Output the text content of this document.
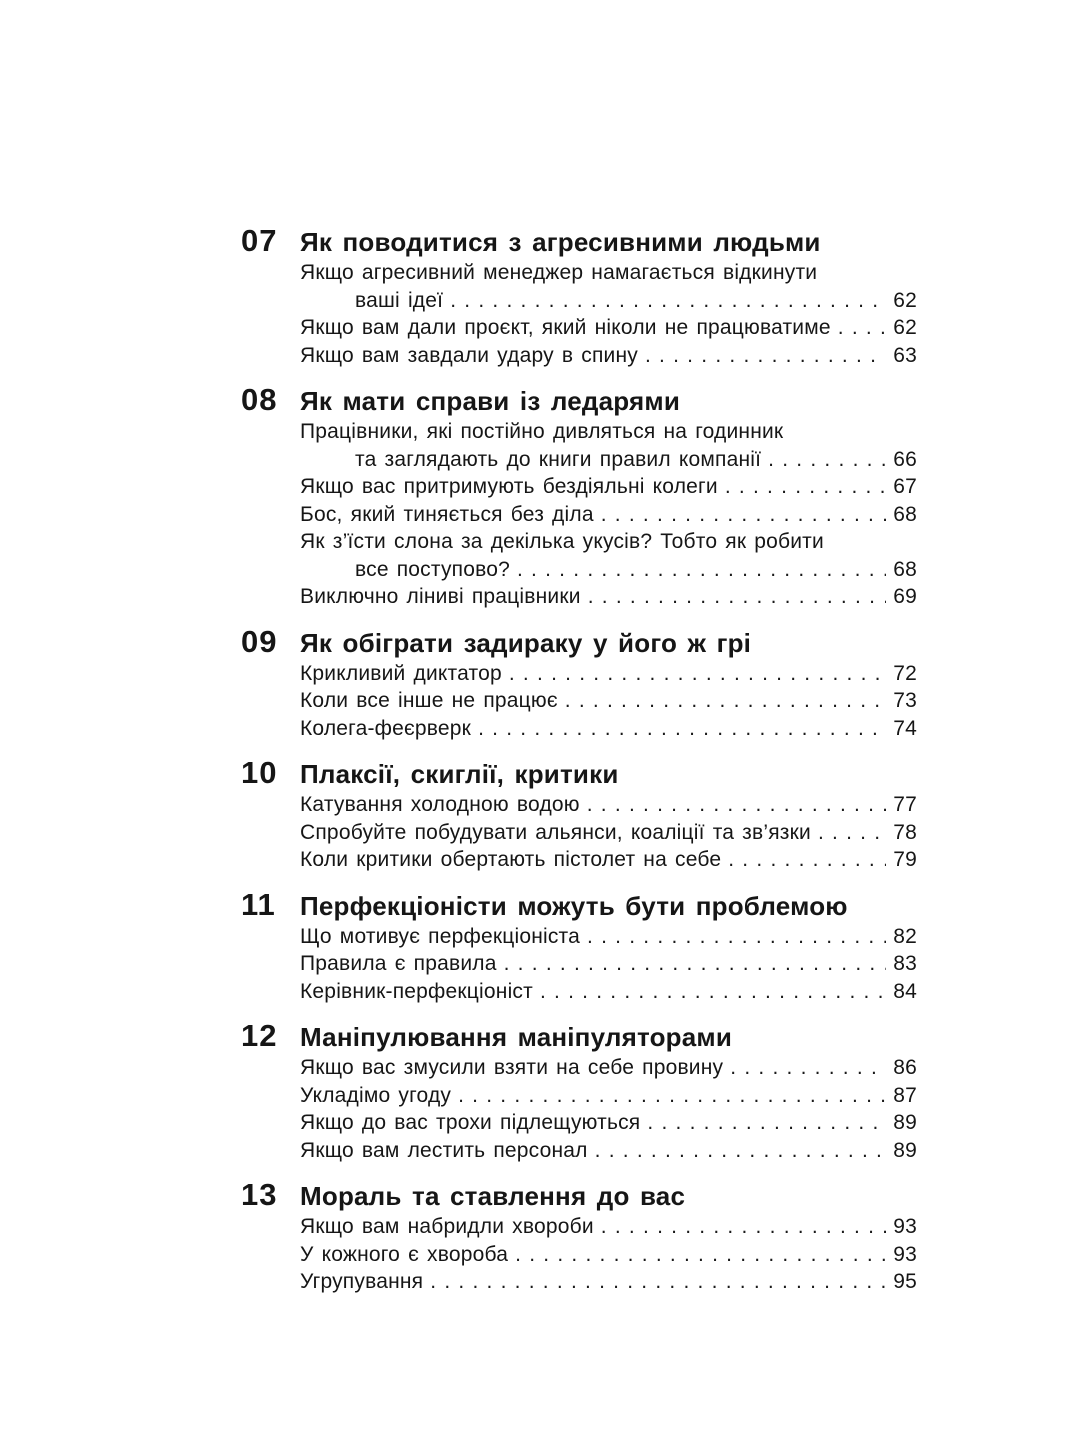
07 Як поводитися з агресивними людьми
Якщо агресивний менеджер намагається відкинути
ваші ідеї . . .	62
Якщо вам дали проєкт, який ніколи не працюватиме . . .	62
Якщо вам завдали удару в спину . . .	63
08 Як мати справи із ледарями
Працівники, які постійно дивляться на годинник
та заглядають до книги правил компанії . . .	66
Якщо вас притримують бездіяльні колеги . . .	67
Бос, який тиняється без діла . . .	68
Як з’їсти слона за декілька укусів? Тобто як робити
все поступово? . . .	68
Виключно ліниві працівники . . .	69
09 Як обіграти задираку у його ж грі
Крикливий диктатор . . .	72
Коли все інше не працює . . .	73
Колега-феєрверк . . .	74
10 Плаксії, скиглії, критики
Катування холодною водою . . .	77
Спробуйте побудувати альянси, коаліції та зв’язки . . .	78
Коли критики обертають пістолет на себе . . .	79
11 Перфекціоністи можуть бути проблемою
Що мотивує перфекціоніста . . .	82
Правила є правила . . .	83
Керівник-перфекціоніст . . .	84
12 Маніпулювання маніпуляторами
Якщо вас змусили взяти на себе провину . . .	86
Укладімо угоду . . .	87
Якщо до вас трохи підлещуються . . .	89
Якщо вам лестить персонал . . .	89
13 Мораль та ставлення до вас
Якщо вам набридли хвороби . . .	93
У кожного є хвороба . . .	93
Угрупування . . .	95
